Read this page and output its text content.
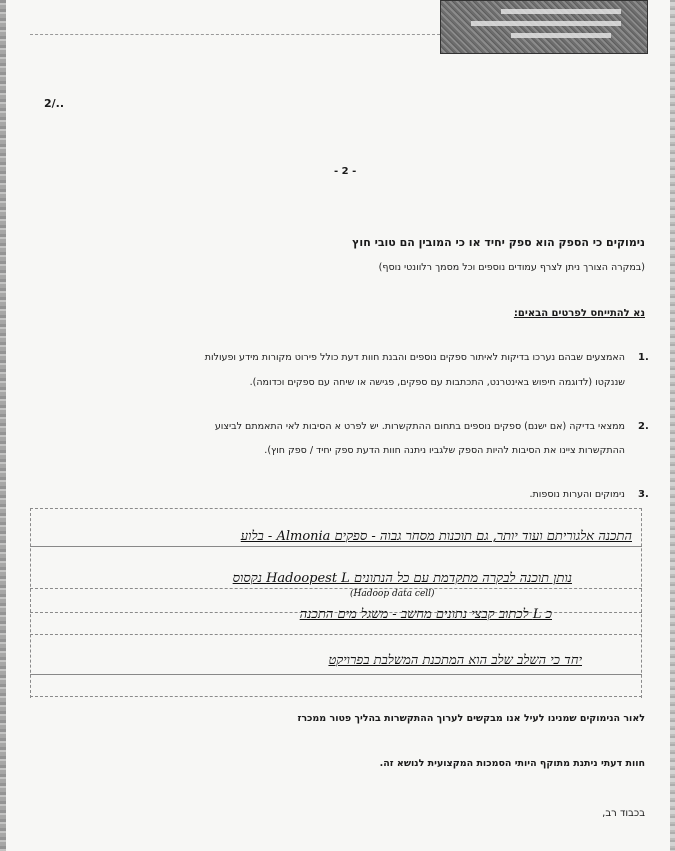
2/..
- 2 -
נימוקים כי הספק הוא ספק יחיד או כי המובין הם טובי חוץ
(במקרה הצורך ניתן לצרף עמודים נוספים וכל מסמך רלוונטי נוסף)
נא להתייחס לפרטים הבאים:
1.
האמצעים שבהם נערכו בדיקות לאיתור ספקים נוספים והבנת חוות דעת כולל פירוט מקורות מידע ופעולות
שננקטו (לדוגמה חיפוש באינטרנט, התכתבות עם ספקים, פגישה או שיחה עם ספקים וכדומה).
2.
ממצאי בדיקה (אם ישנם) ספקים נוספים בתחום ההתקשרות. יש לפרט א הסיבות לאי התאמתם לביצוע
ההתקשרות ציינו את הסיבות להיות הספק שלגביו ניתנה חוות הדעת ספק יחיד / ספק חוץ).
3.
נימוקים והערות נוספות.
התכנה אלגוריתם ועוד יותר, גם תוכנות מסחר גבוה - ספקים Almonia - בלוע
נותן תוכנה לבקרה מתקדמת עם כל הנתונים Hadoopest L נקסוס
(Hadoop data cell)
כ L לכתוב קבצי נתונים מחשב - משגל מים התכנה
יחד כי השלב שלב הוא המתכנת המשלבת בפרויקט
לאור הנימוקים שמנינו לעיל אנו מבקשים לערוך ההתקשרות בהליך פטור ממכרז
חוות דעתי ניתנת מתוקף היותי הסמכות המקצועית לנושא זה.
בכבוד רב,
